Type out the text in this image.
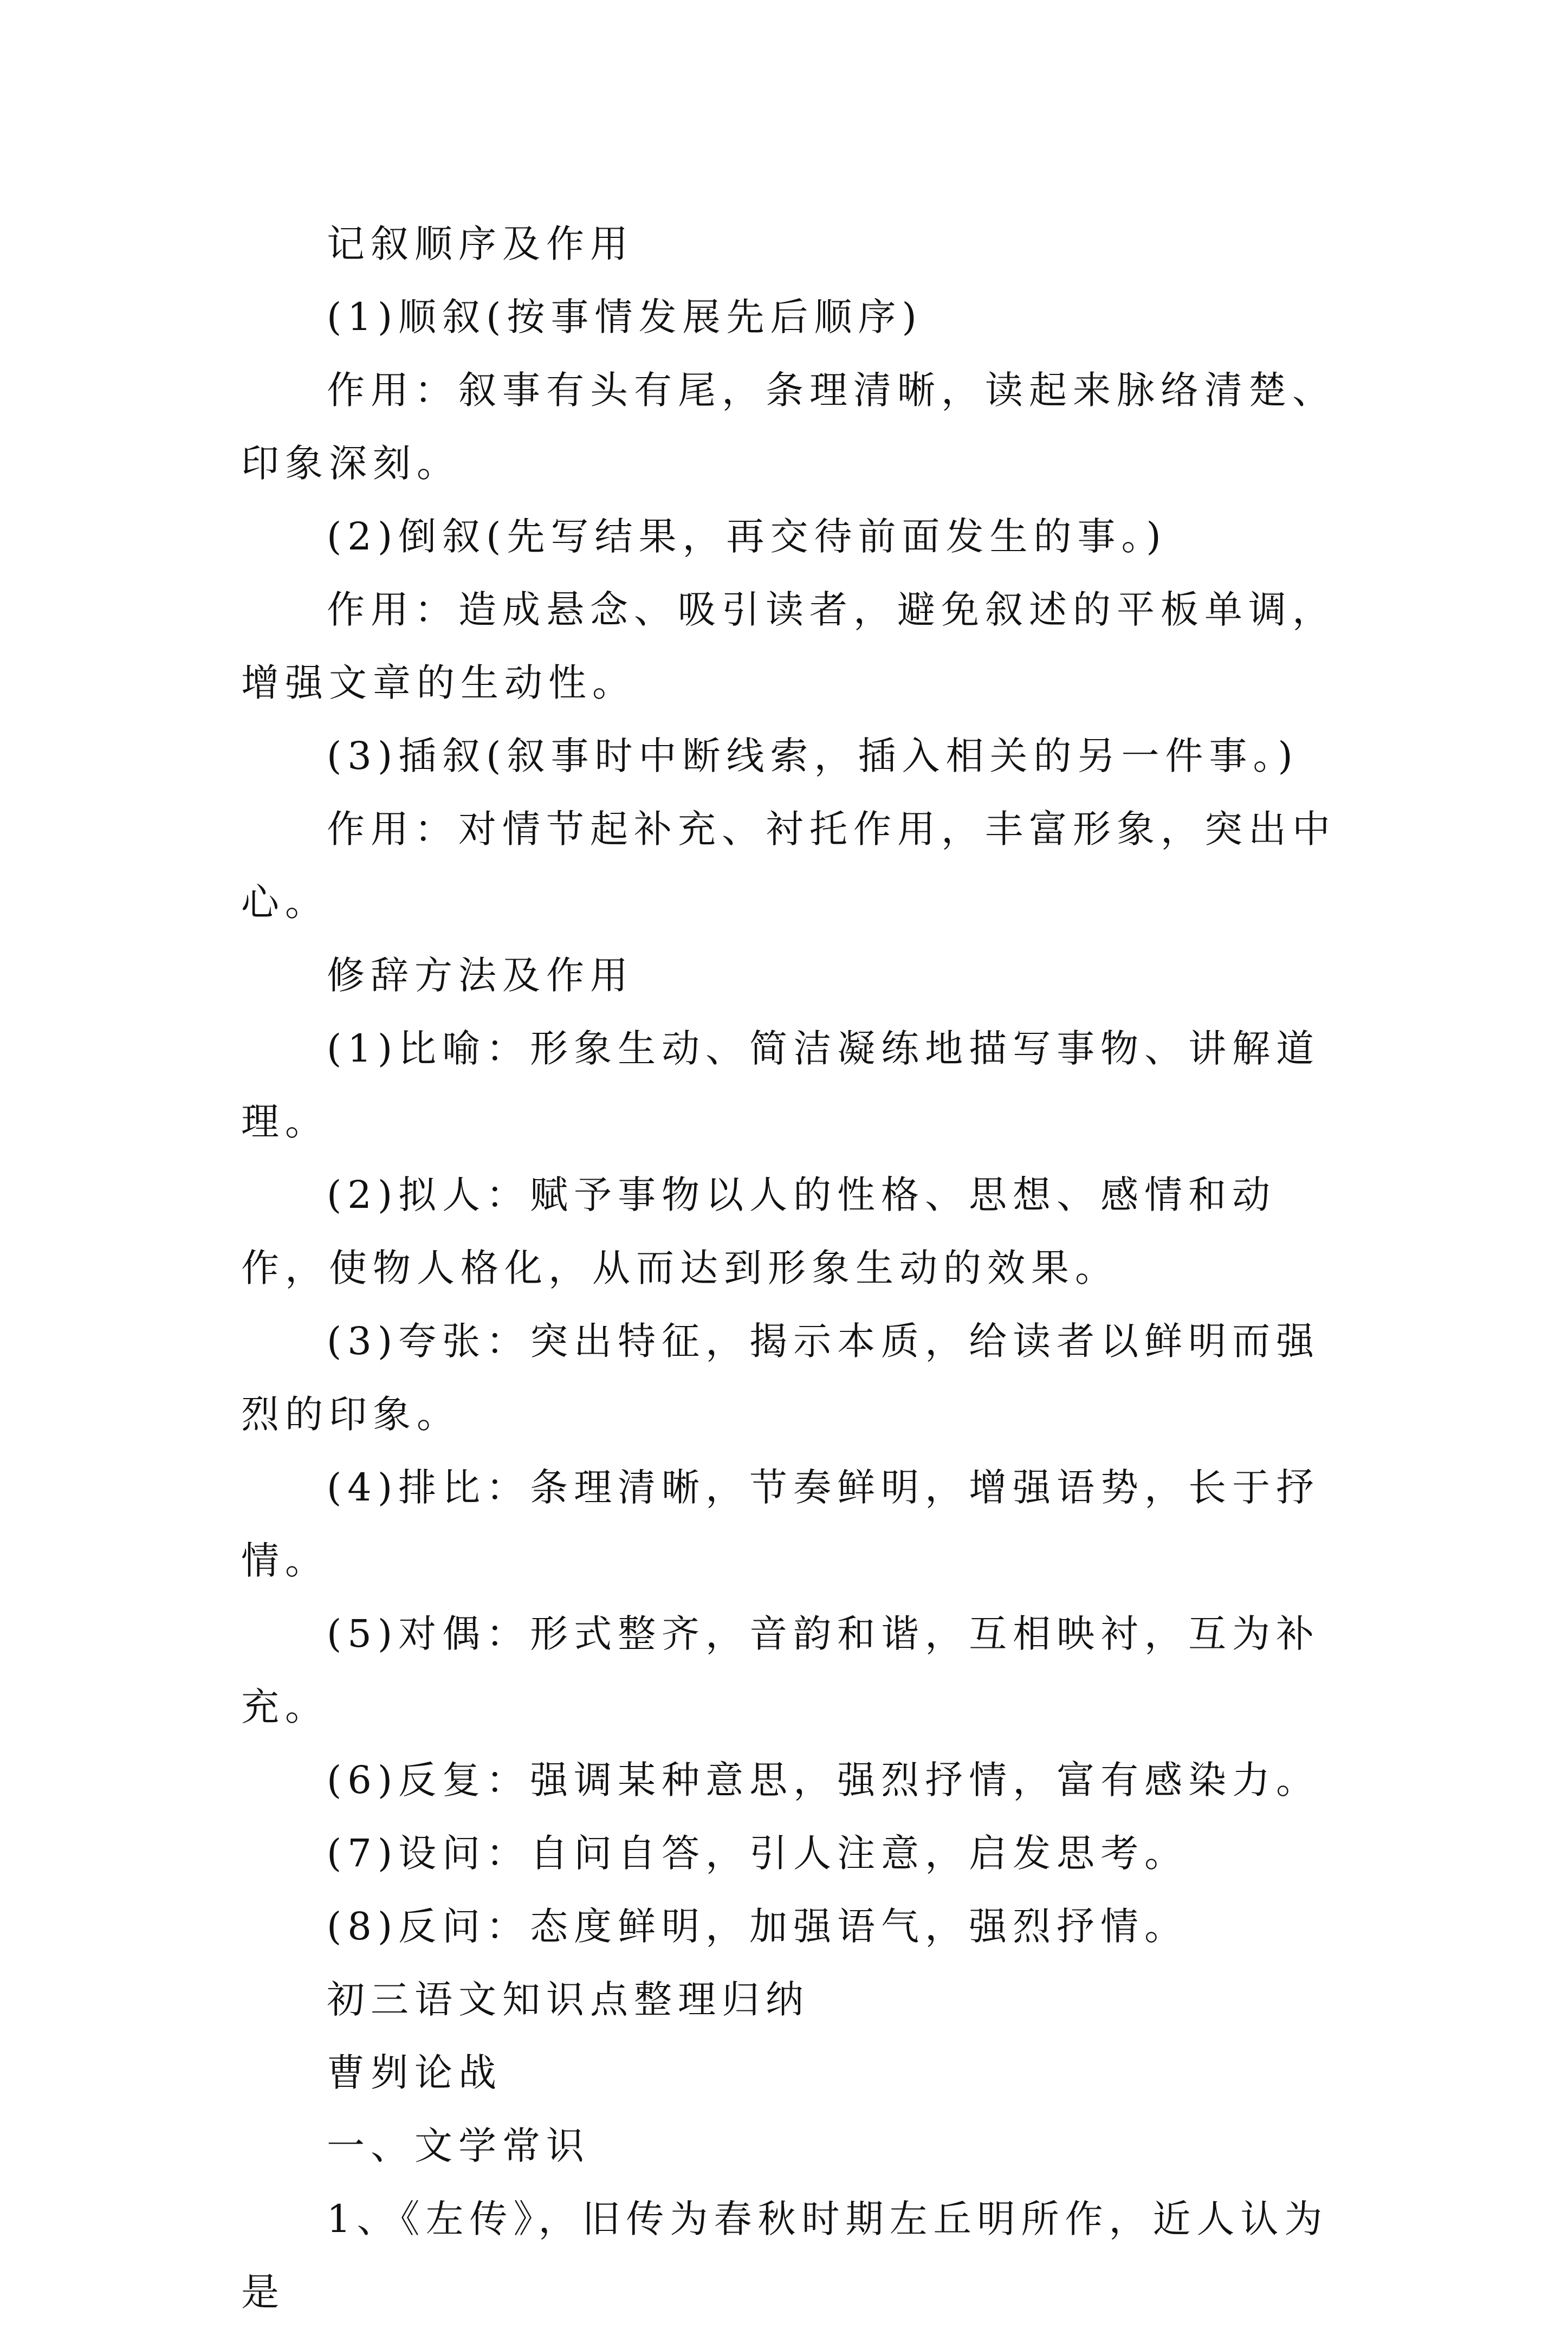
记叙顺序及作用

(1)顺叙(按事情发展先后顺序)

作用：叙事有头有尾，条理清晰，读起来脉络清楚、印象深刻。

(2)倒叙(先写结果，再交待前面发生的事。)

作用：造成悬念、吸引读者，避免叙述的平板单调，增强文章的生动性。

(3)插叙(叙事时中断线索，插入相关的另一件事。)

作用：对情节起补充、衬托作用，丰富形象，突出中心。

修辞方法及作用

(1)比喻：形象生动、简洁凝练地描写事物、讲解道理。

(2)拟人：赋予事物以人的性格、思想、感情和动作，使物人格化，从而达到形象生动的效果。

(3)夸张：突出特征，揭示本质，给读者以鲜明而强烈的印象。

(4)排比：条理清晰，节奏鲜明，增强语势，长于抒情。

(5)对偶：形式整齐，音韵和谐，互相映衬，互为补充。

(6)反复：强调某种意思，强烈抒情，富有感染力。

(7)设问：自问自答，引人注意，启发思考。

(8)反问：态度鲜明，加强语气，强烈抒情。

初三语文知识点整理归纳

曹刿论战

一、文学常识

1、《左传》，旧传为春秋时期左丘明所作，近人认为是
